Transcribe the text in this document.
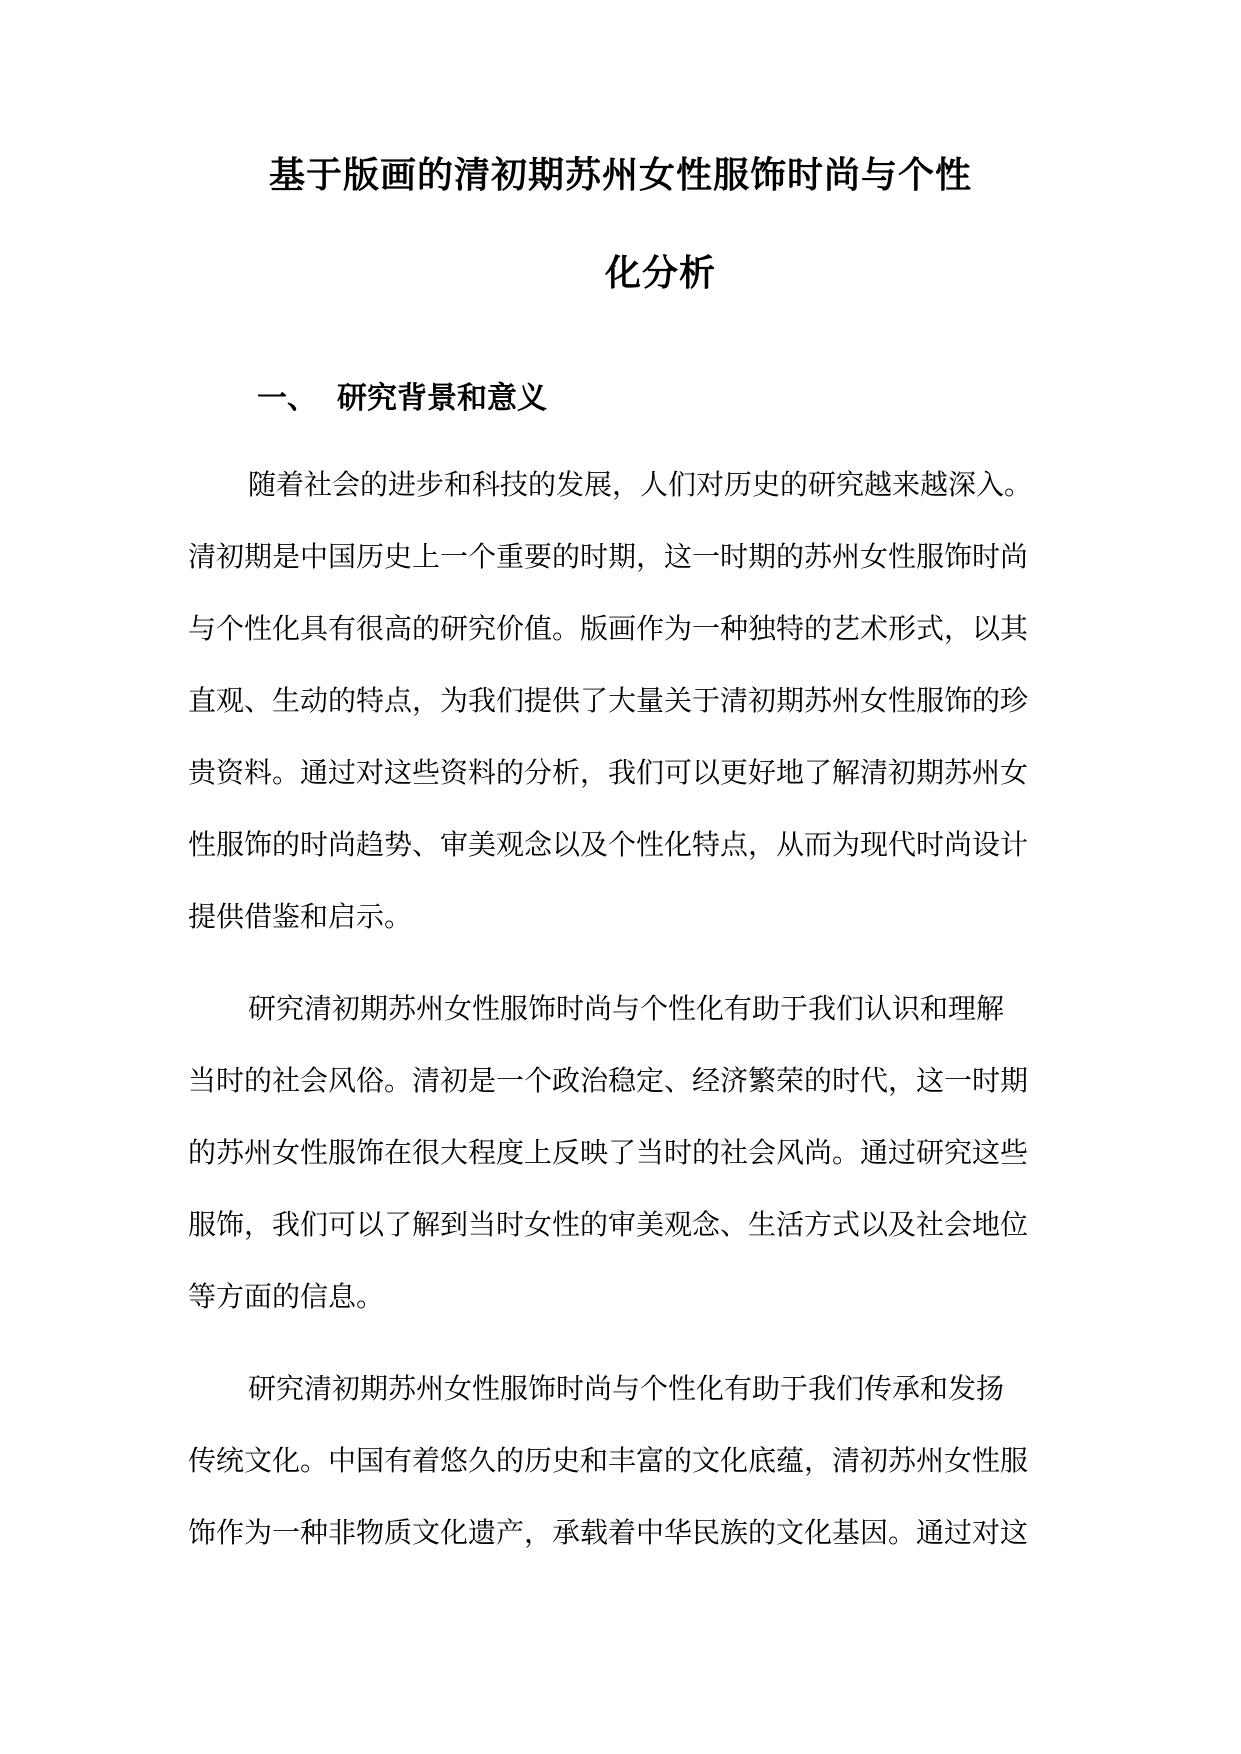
基于版画的清初期苏州女性服饰时尚与个性
化分析
一、 研究背景和意义
随着社会的进步和科技的发展，人们对历史的研究越来越深入。
清初期是中国历史上一个重要的时期，这一时期的苏州女性服饰时尚
与个性化具有很高的研究价值。版画作为一种独特的艺术形式，以其
直观、生动的特点，为我们提供了大量关于清初期苏州女性服饰的珍
贵资料。通过对这些资料的分析，我们可以更好地了解清初期苏州女
性服饰的时尚趋势、审美观念以及个性化特点，从而为现代时尚设计
提供借鉴和启示。
研究清初期苏州女性服饰时尚与个性化有助于我们认识和理解
当时的社会风俗。清初是一个政治稳定、经济繁荣的时代，这一时期
的苏州女性服饰在很大程度上反映了当时的社会风尚。通过研究这些
服饰，我们可以了解到当时女性的审美观念、生活方式以及社会地位
等方面的信息。
研究清初期苏州女性服饰时尚与个性化有助于我们传承和发扬
传统文化。中国有着悠久的历史和丰富的文化底蕴，清初苏州女性服
饰作为一种非物质文化遗产，承载着中华民族的文化基因。通过对这
